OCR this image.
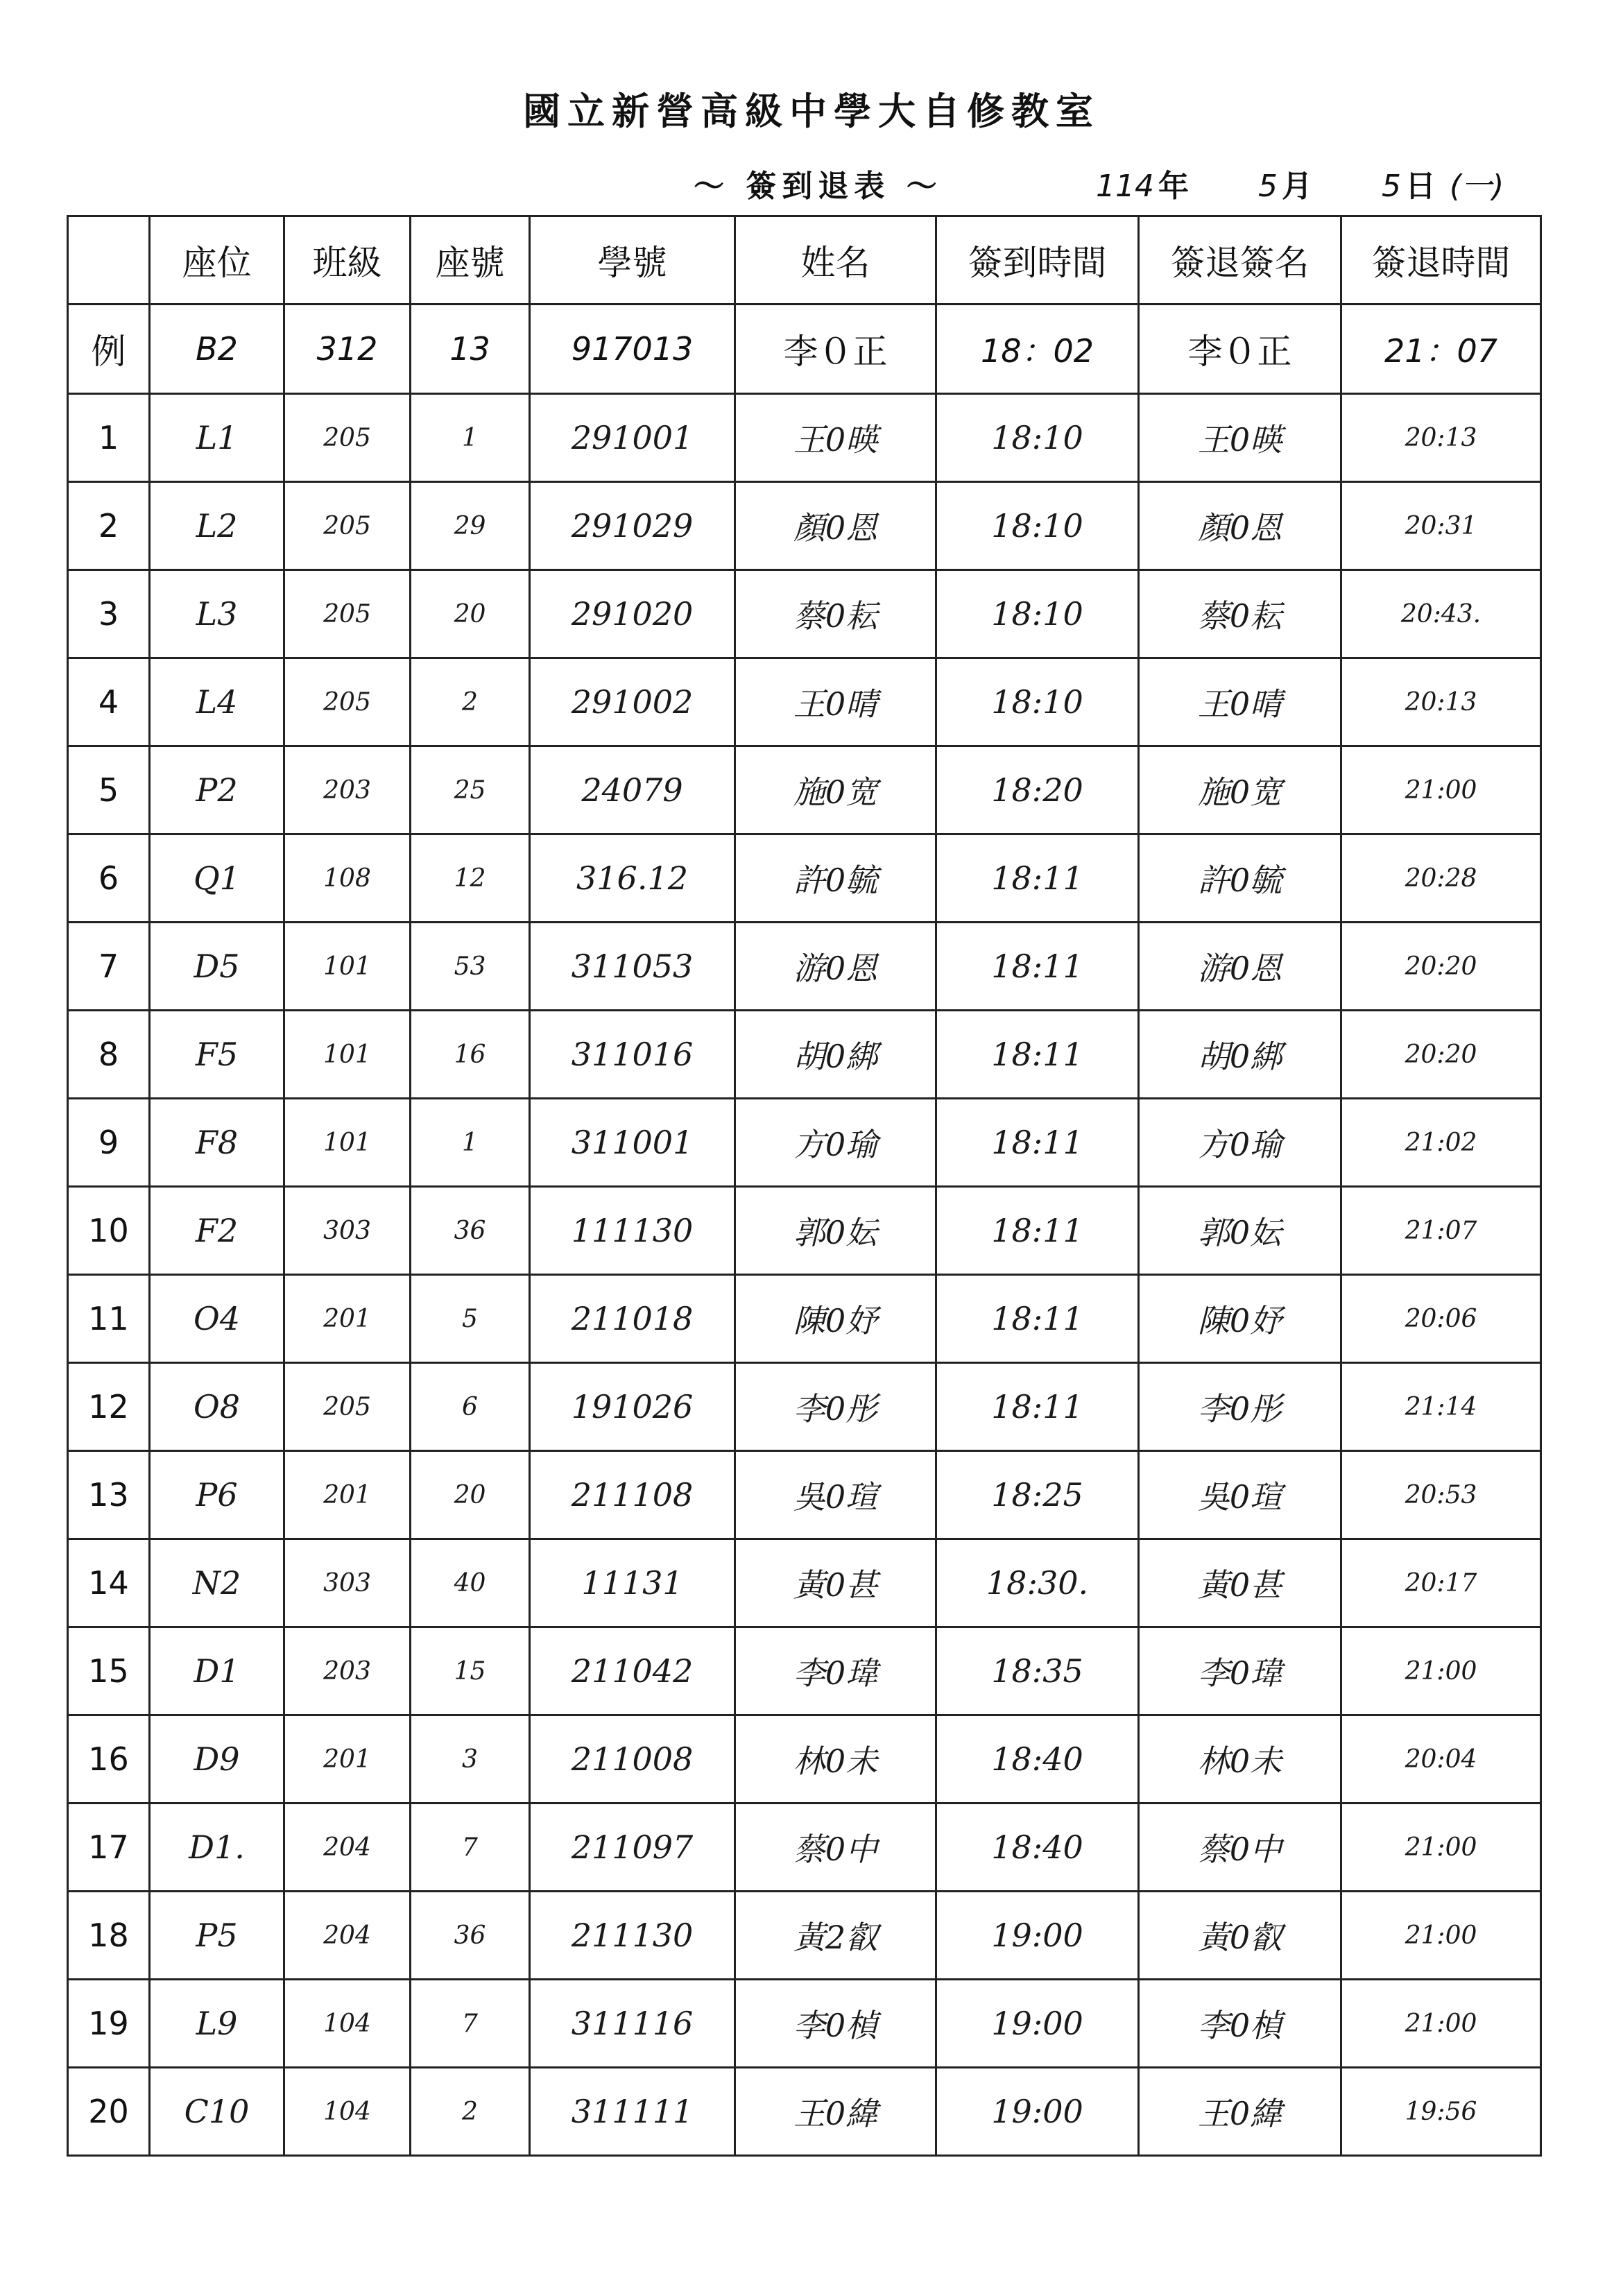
國立新營高級中學大自修教室
～ 簽到退表 ～	114 年 5 月 5 日 (一)
	座位	班級	座號	學號	姓名	簽到時間	簽退簽名	簽退時間
例	B2	312	13	917013	李０正	18：02	李０正	21：07
1	L1	205	1	291001	王0暎	18:10	王0暎	20:13
2	L2	205	29	291029	顏0恩	18:10	顏0恩	20:31
3	L3	205	20	291020	蔡0耘	18:10	蔡0耘	20:43.
4	L4	205	2	291002	王0晴	18:10	王0晴	20:13
5	P2	203	25	24079	施0宽	18:20	施0宽	21:00
6	Q1	108	12	316.12	許0毓	18:11	許0毓	20:28
7	D5	101	53	311053	游0恩	18:11	游0恩	20:20
8	F5	101	16	311016	胡0綁	18:11	胡0綁	20:20
9	F8	101	1	311001	方0瑜	18:11	方0瑜	21:02
10	F2	303	36	111130	郭0妘	18:11	郭0妘	21:07
11	O4	201	5	211018	陳0妤	18:11	陳0妤	20:06
12	O8	205	6	191026	李0彤	18:11	李0彤	21:14
13	P6	201	20	211108	吳0瑄	18:25	吳0瑄	20:53
14	N2	303	40	11131	黃0甚	18:30.	黃0甚	20:17
15	D1	203	15	211042	李0瑋	18:35	李0瑋	21:00
16	D9	201	3	211008	林0未	18:40	林0未	20:04
17	D1.	204	7	211097	蔡0中	18:40	蔡0中	21:00
18	P5	204	36	211130	黃2叡	19:00	黃0叡	21:00
19	L9	104	7	311116	李0楨	19:00	李0楨	21:00
20	C10	104	2	311111	王0緯	19:00	王0緯	19:56
